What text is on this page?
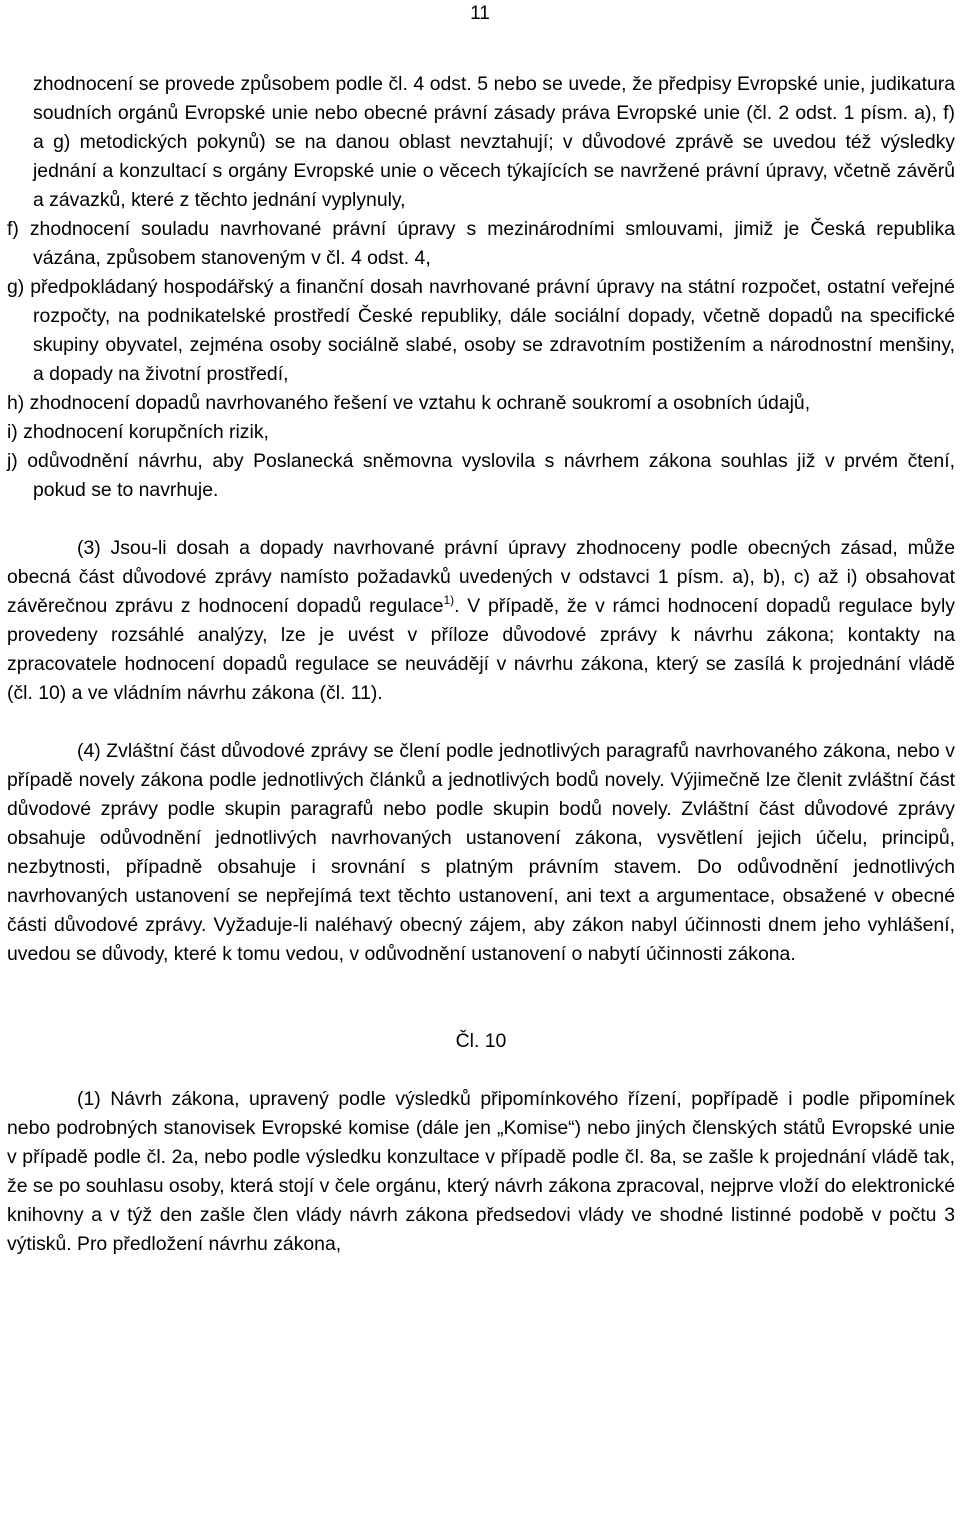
11

zhodnocení se provede způsobem podle čl. 4 odst. 5 nebo se uvede, že předpisy Evropské unie, judikatura soudních orgánů Evropské unie nebo obecné právní zásady práva Evropské unie (čl. 2 odst. 1 písm. a), f) a g) metodických pokynů) se na danou oblast nevztahují; v důvodové zprávě se uvedou též výsledky jednání a konzultací s orgány Evropské unie o věcech týkajících se navržené právní úpravy, včetně závěrů a závazků, které z těchto jednání vyplynuly,

f) zhodnocení souladu navrhované právní úpravy s mezinárodními smlouvami, jimiž je Česká republika vázána, způsobem stanoveným v čl. 4 odst. 4,

g) předpokládaný hospodářský a finanční dosah navrhované právní úpravy na státní rozpočet, ostatní veřejné rozpočty, na podnikatelské prostředí České republiky, dále sociální dopady, včetně dopadů na specifické skupiny obyvatel, zejména osoby sociálně slabé, osoby se zdravotním postižením a národnostní menšiny, a dopady na životní prostředí,

h) zhodnocení dopadů navrhovaného řešení ve vztahu k ochraně soukromí a osobních údajů,

i) zhodnocení korupčních rizik,

j) odůvodnění návrhu, aby Poslanecká sněmovna vyslovila s návrhem zákona souhlas již v prvém čtení, pokud se to navrhuje.

(3) Jsou-li dosah a dopady navrhované právní úpravy zhodnoceny podle obecných zásad, může obecná část důvodové zprávy namísto požadavků uvedených v odstavci 1 písm. a), b), c) až i) obsahovat závěrečnou zprávu z hodnocení dopadů regulace$^{1)}$. V případě, že v rámci hodnocení dopadů regulace byly provedeny rozsáhlé analýzy, lze je uvést v příloze důvodové zprávy k návrhu zákona; kontakty na zpracovatele hodnocení dopadů regulace se neuvádějí v návrhu zákona, který se zasílá k projednání vládě (čl. 10) a ve vládním návrhu zákona (čl. 11).

(4) Zvláštní část důvodové zprávy se člení podle jednotlivých paragrafů navrhovaného zákona, nebo v případě novely zákona podle jednotlivých článků a jednotlivých bodů novely. Výjimečně lze členit zvláštní část důvodové zprávy podle skupin paragrafů nebo podle skupin bodů novely. Zvláštní část důvodové zprávy obsahuje odůvodnění jednotlivých navrhovaných ustanovení zákona, vysvětlení jejich účelu, principů, nezbytnosti, případně obsahuje i srovnání s platným právním stavem. Do odůvodnění jednotlivých navrhovaných ustanovení se nepřejímá text těchto ustanovení, ani text a argumentace, obsažené v obecné části důvodové zprávy. Vyžaduje-li naléhavý obecný zájem, aby zákon nabyl účinnosti dnem jeho vyhlášení, uvedou se důvody, které k tomu vedou, v odůvodnění ustanovení o nabytí účinnosti zákona.

Čl. 10

(1) Návrh zákona, upravený podle výsledků připomínkového řízení, popřípadě i podle připomínek nebo podrobných stanovisek Evropské komise (dále jen „Komise“) nebo jiných členských států Evropské unie v případě podle čl. 2a, nebo podle výsledku konzultace v případě podle čl. 8a, se zašle k projednání vládě tak, že se po souhlasu osoby, která stojí v čele orgánu, který návrh zákona zpracoval, nejprve vloží do elektronické knihovny a v týž den zašle člen vlády návrh zákona předsedovi vlády ve shodné listinné podobě v počtu 3 výtisků. Pro předložení návrhu zákona,
